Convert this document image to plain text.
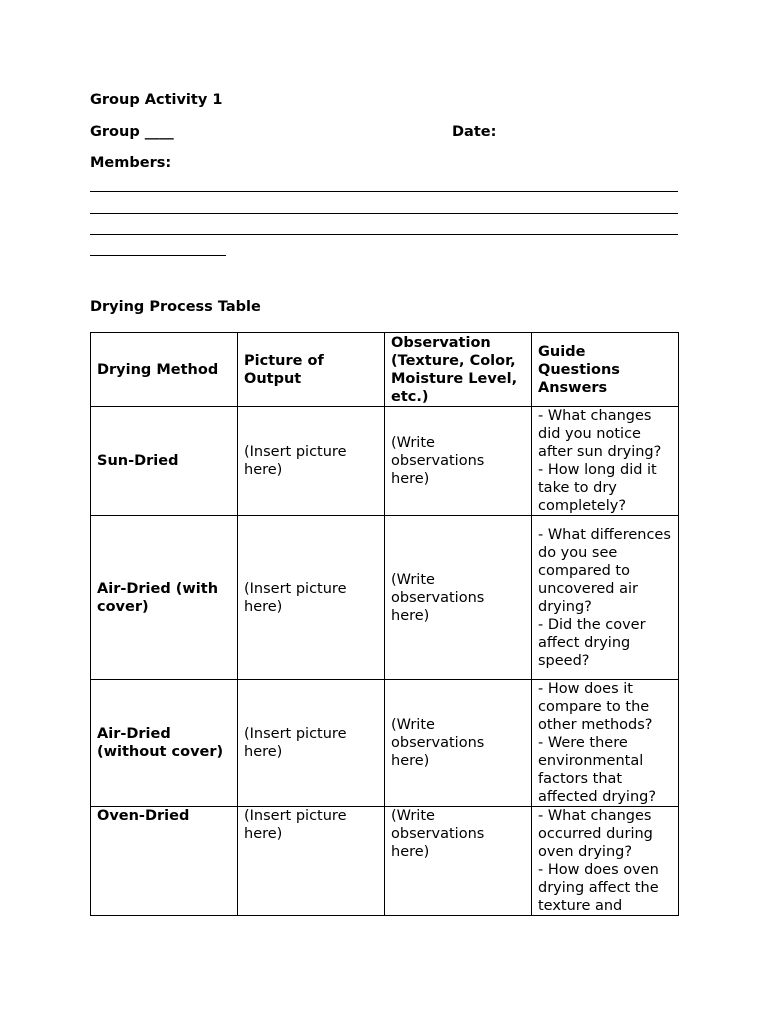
Group Activity 1
Group ____	Date:
Members:
Drying Process Table
Drying Method	Picture of Output	Observation (Texture, Color, Moisture Level, etc.)	Guide Questions Answers
Sun-Dried	(Insert picture here)	(Write observations here)	- What changes did you notice after sun drying?
- How long did it take to dry completely?
Air-Dried (with cover)	(Insert picture here)	(Write observations here)	- What differences do you see compared to uncovered air drying?
- Did the cover affect drying speed?
Air-Dried (without cover)	(Insert picture here)	(Write observations here)	- How does it compare to the other methods?
- Were there environmental factors that affected drying?
Oven-Dried	(Insert picture here)	(Write observations here)	- What changes occurred during oven drying?
- How does oven drying affect the texture and
